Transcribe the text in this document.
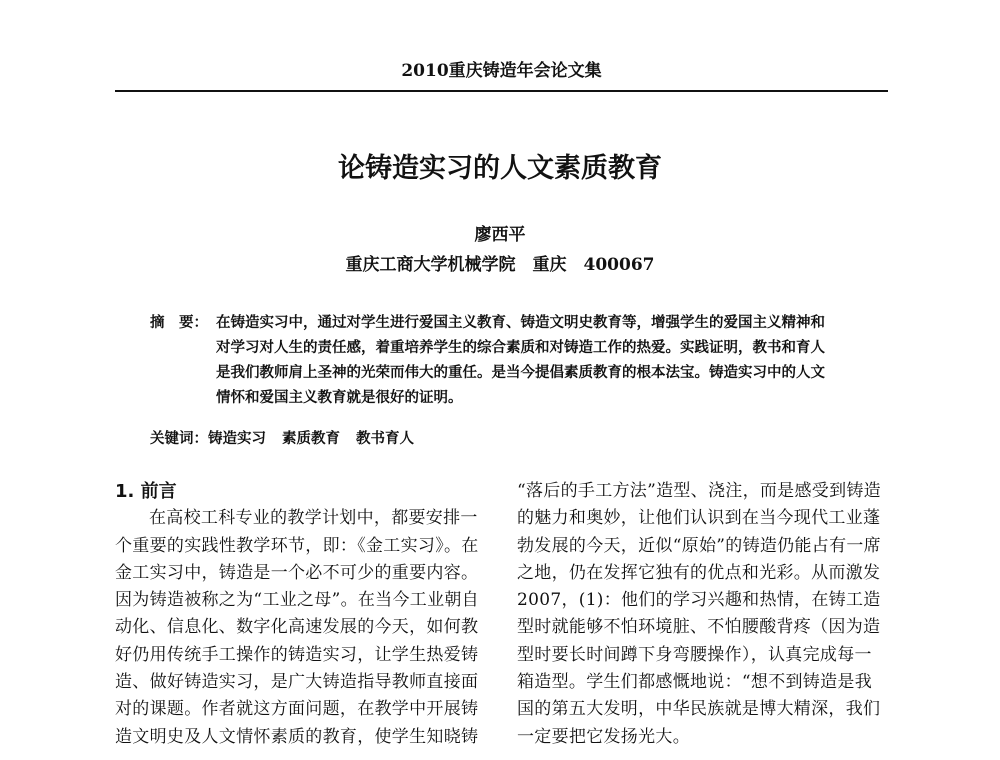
2010重庆铸造年会论文集
论铸造实习的人文素质教育
廖西平
重庆工商大学机械学院　重庆　400067
摘　要： 在铸造实习中，通过对学生进行爱国主义教育、铸造文明史教育等，增强学生的爱国主义精神和
对学习对人生的责任感，着重培养学生的综合素质和对铸造工作的热爱。实践证明，教书和育人
是我们教师肩上圣神的光荣而伟大的重任。是当今提倡素质教育的根本法宝。铸造实习中的人文
情怀和爱国主义教育就是很好的证明。
关键词：铸造实习 素质教育 教书育人
1. 前言
在高校工科专业的教学计划中，都要安排一
个重要的实践性教学环节，即：《金工实习》。在
金工实习中，铸造是一个必不可少的重要内容。
因为铸造被称之为“工业之母”。在当今工业朝自
动化、信息化、数字化高速发展的今天，如何教
好仍用传统手工操作的铸造实习，让学生热爱铸
造、做好铸造实习，是广大铸造指导教师直接面
对的课题。作者就这方面问题，在教学中开展铸
造文明史及人文情怀素质的教育，使学生知晓铸
“落后的手工方法”造型、浇注，而是感受到铸造
的魅力和奥妙，让他们认识到在当今现代工业蓬
勃发展的今天，近似“原始”的铸造仍能占有一席
之地，仍在发挥它独有的优点和光彩。从而激发
2007，(1)：他们的学习兴趣和热情，在铸工造
型时就能够不怕环境脏、不怕腰酸背疼（因为造
型时要长时间蹲下身弯腰操作），认真完成每一
箱造型。学生们都感慨地说：“想不到铸造是我
国的第五大发明，中华民族就是博大精深，我们
一定要把它发扬光大。
